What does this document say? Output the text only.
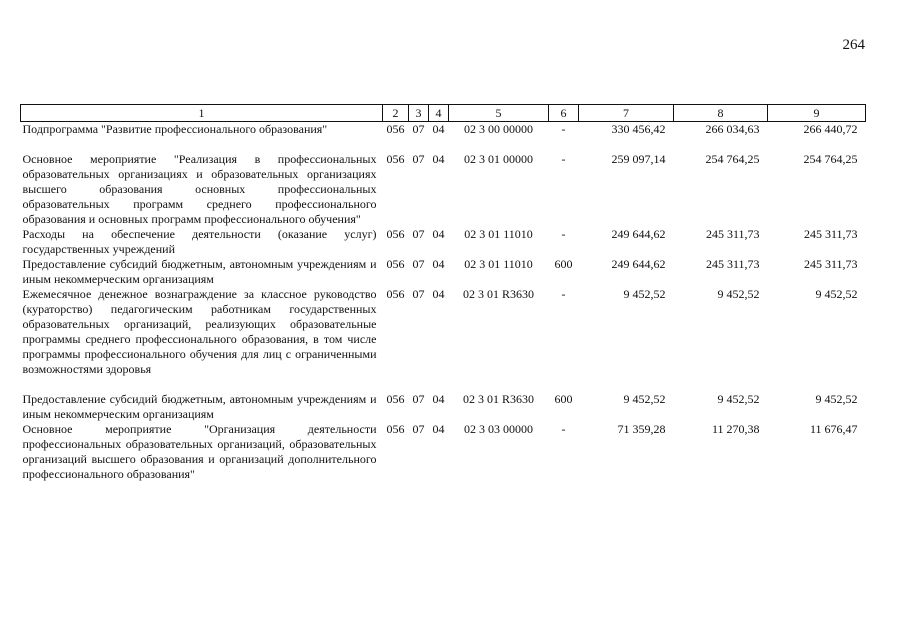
264
1	2	3	4	5	6	7	8	9
Подпрограмма "Развитие профессионального образования"	056	07	04	02 3 00 00000	-	330 456,42	266 034,63	266 440,72
Основное мероприятие "Реализация в профессиональных образовательных организациях и образовательных организациях высшего образования основных профессиональных образовательных программ среднего профессионального образования и основных программ профессионального обучения"	056	07	04	02 3 01 00000	-	259 097,14	254 764,25	254 764,25
Расходы на обеспечение деятельности (оказание услуг) государственных учреждений	056	07	04	02 3 01 11010	-	249 644,62	245 311,73	245 311,73
Предоставление субсидий бюджетным, автономным учреждениям и иным некоммерческим организациям	056	07	04	02 3 01 11010	600	249 644,62	245 311,73	245 311,73
Ежемесячное денежное вознаграждение за классное руководство (кураторство) педагогическим работникам государственных образовательных организаций, реализующих образовательные программы среднего профессионального образования, в том числе программы профессионального обучения для лиц с ограниченными возможностями здоровья	056	07	04	02 3 01 R3630	-	9 452,52	9 452,52	9 452,52
Предоставление субсидий бюджетным, автономным учреждениям и иным некоммерческим организациям	056	07	04	02 3 01 R3630	600	9 452,52	9 452,52	9 452,52
Основное мероприятие "Организация деятельности профессиональных образовательных организаций, образовательных организаций высшего образования и организаций дополнительного профессионального образования"	056	07	04	02 3 03 00000	-	71 359,28	11 270,38	11 676,47
